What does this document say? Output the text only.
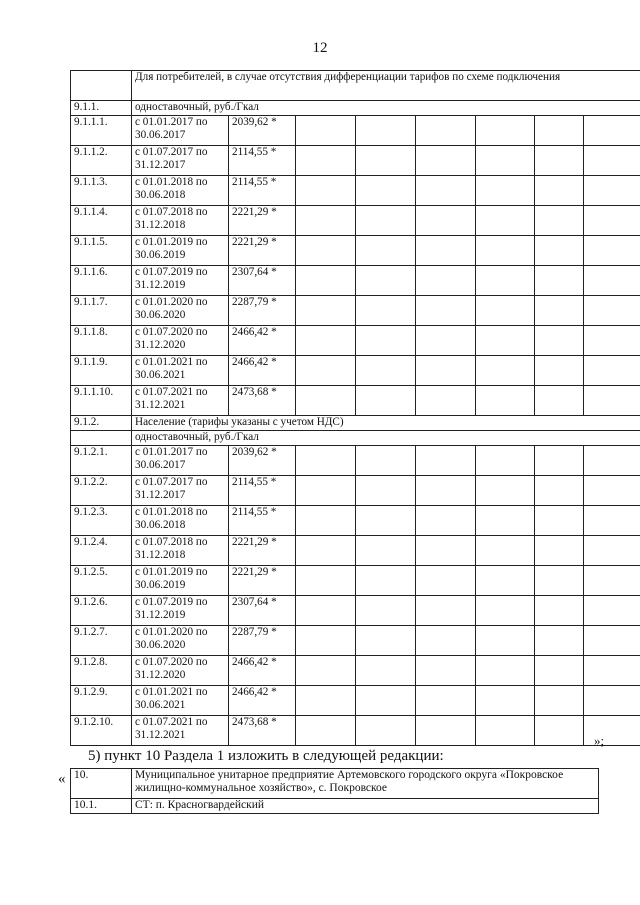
12
	Для потребителей, в случае отсутствия дифференциации тарифов по схеме подключения							
9.1.1.	одноставочный, руб./Гкал							
9.1.1.1.	с 01.01.2017 по 30.06.2017	2039,62 *						
9.1.1.2.	с 01.07.2017 по 31.12.2017	2114,55 *						
9.1.1.3.	с 01.01.2018 по 30.06.2018	2114,55 *						
9.1.1.4.	с 01.07.2018 по 31.12.2018	2221,29 *						
9.1.1.5.	с 01.01.2019 по 30.06.2019	2221,29 *						
9.1.1.6.	с 01.07.2019 по 31.12.2019	2307,64 *						
9.1.1.7.	с 01.01.2020 по 30.06.2020	2287,79 *						
9.1.1.8.	с 01.07.2020 по 31.12.2020	2466,42 *						
9.1.1.9.	с 01.01.2021 по 30.06.2021	2466,42 *						
9.1.1.10.	с 01.07.2021 по 31.12.2021	2473,68 *						
9.1.2.	Население (тарифы указаны с учетом НДС)							
	одноставочный, руб./Гкал							
9.1.2.1.	с 01.01.2017 по 30.06.2017	2039,62 *						
9.1.2.2.	с 01.07.2017 по 31.12.2017	2114,55 *						
9.1.2.3.	с 01.01.2018 по 30.06.2018	2114,55 *						
9.1.2.4.	с 01.07.2018 по 31.12.2018	2221,29 *						
9.1.2.5.	с 01.01.2019 по 30.06.2019	2221,29 *						
9.1.2.6.	с 01.07.2019 по 31.12.2019	2307,64 *						
9.1.2.7.	с 01.01.2020 по 30.06.2020	2287,79 *						
9.1.2.8.	с 01.07.2020 по 31.12.2020	2466,42 *						
9.1.2.9.	с 01.01.2021 по 30.06.2021	2466,42 *						
9.1.2.10.	с 01.07.2021 по 31.12.2021	2473,68 *						
»;
5) пункт 10 Раздела 1 изложить в следующей редакции:
« 10.	Муниципальное унитарное предприятие Артемовского городского округа «Покровское жилищно-коммунальное хозяйство», с. Покровское
10.1.	СТ: п. Красногвардейский
